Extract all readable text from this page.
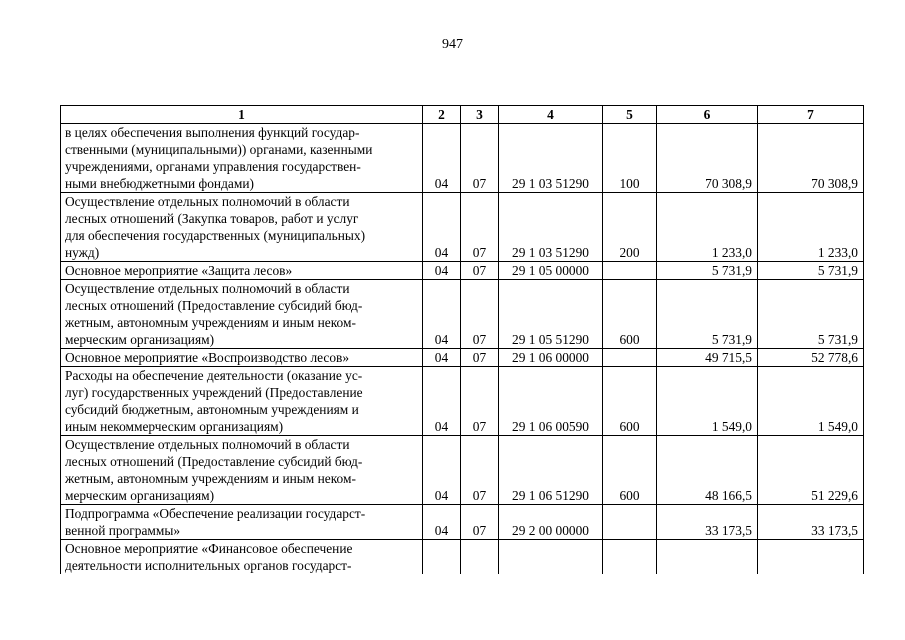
947
1	2	3	4	5	6	7

в целях обеспечения выполнения функций государ-
ственными (муниципальными)) органами, казенными
учреждениями, органами управления государствен-
ными внебюджетными фондами)	04	07	29 1 03 51290	100	70 308,9	70 308,9

Осуществление отдельных полномочий в области
лесных отношений (Закупка товаров, работ и услуг
для обеспечения государственных (муниципальных)
нужд)	04	07	29 1 03 51290	200	1 233,0	1 233,0

Основное мероприятие «Защита лесов»	04	07	29 1 05 00000		5 731,9	5 731,9

Осуществление отдельных полномочий в области
лесных отношений (Предоставление субсидий бюд-
жетным, автономным учреждениям и иным неком-
мерческим организациям)	04	07	29 1 05 51290	600	5 731,9	5 731,9

Основное мероприятие «Воспроизводство лесов»	04	07	29 1 06 00000		49 715,5	52 778,6

Расходы на обеспечение деятельности (оказание ус-
луг) государственных учреждений (Предоставление
субсидий бюджетным, автономным учреждениям и
иным некоммерческим организациям)	04	07	29 1 06 00590	600	1 549,0	1 549,0

Осуществление отдельных полномочий в области
лесных отношений (Предоставление субсидий бюд-
жетным, автономным учреждениям и иным неком-
мерческим организациям)	04	07	29 1 06 51290	600	48 166,5	51 229,6

Подпрограмма «Обеспечение реализации государст-
венной программы»	04	07	29 2 00 00000		33 173,5	33 173,5

Основное мероприятие «Финансовое обеспечение
деятельности исполнительных органов государст-						
